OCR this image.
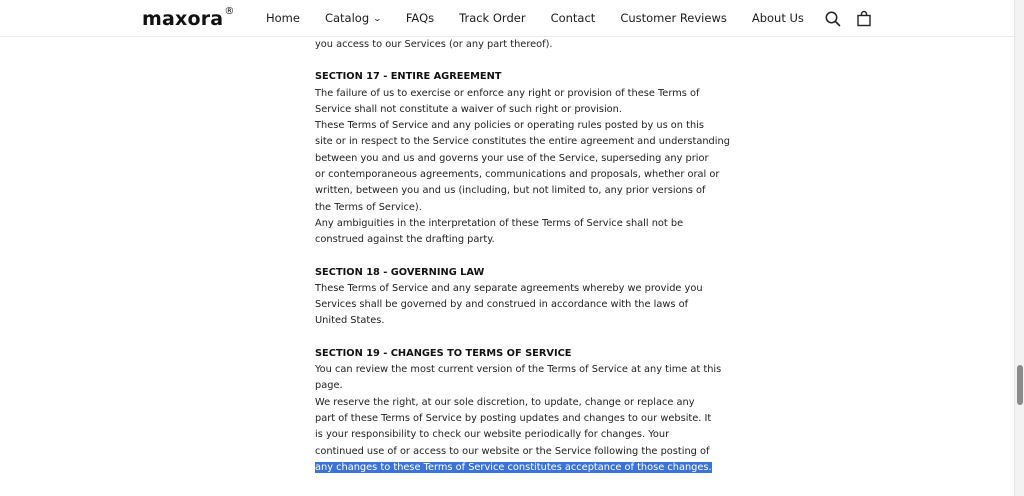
maxora®	Home Catalog ⌄ FAQs Track Order Contact Customer Reviews About Us

you access to our Services (or any part thereof).

SECTION 17 - ENTIRE AGREEMENT

The failure of us to exercise or enforce any right or provision of these Terms of

Service shall not constitute a waiver of such right or provision.

These Terms of Service and any policies or operating rules posted by us on this

site or in respect to the Service constitutes the entire agreement and understanding

between you and us and governs your use of the Service, superseding any prior

or contemporaneous agreements, communications and proposals, whether oral or

written, between you and us (including, but not limited to, any prior versions of

the Terms of Service).

Any ambiguities in the interpretation of these Terms of Service shall not be

construed against the drafting party.

SECTION 18 - GOVERNING LAW

These Terms of Service and any separate agreements whereby we provide you

Services shall be governed by and construed in accordance with the laws of

United States.

SECTION 19 - CHANGES TO TERMS OF SERVICE

You can review the most current version of the Terms of Service at any time at this

page.

We reserve the right, at our sole discretion, to update, change or replace any

part of these Terms of Service by posting updates and changes to our website. It

is your responsibility to check our website periodically for changes. Your

continued use of or access to our website or the Service following the posting of

any changes to these Terms of Service constitutes acceptance of those changes.
